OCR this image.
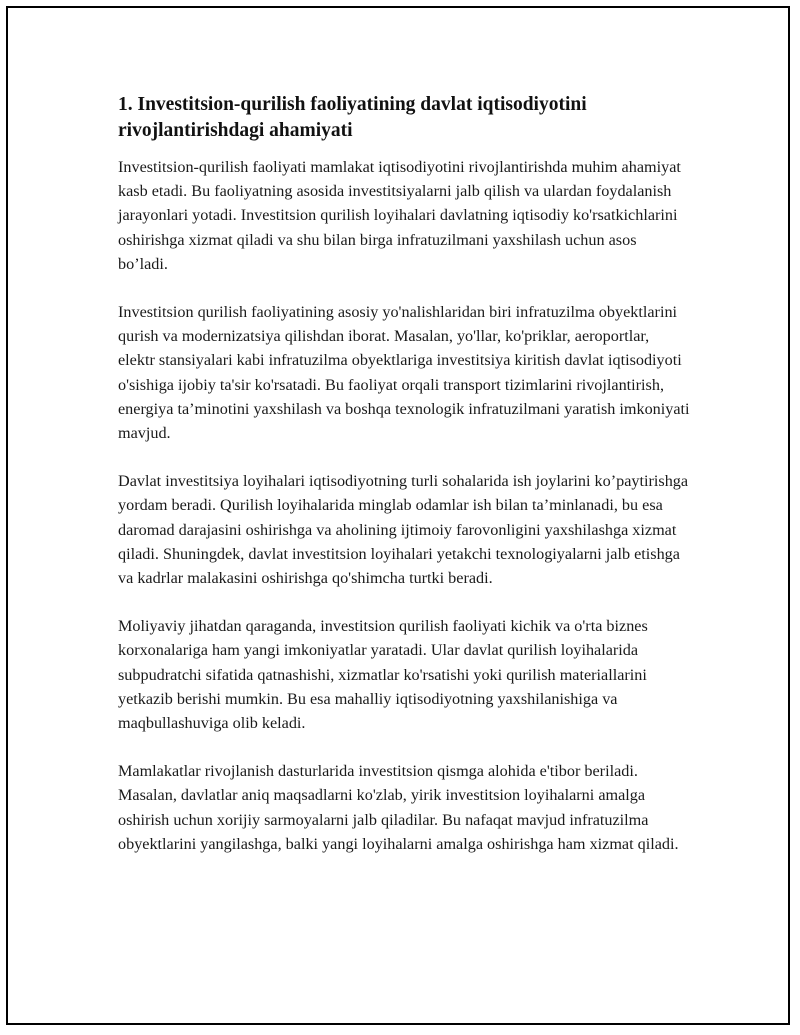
1. Investitsion-qurilish faoliyatining davlat iqtisodiyotini rivojlantirishdagi ahamiyati

Investitsion-qurilish faoliyati mamlakat iqtisodiyotini rivojlantirishda muhim ahamiyat kasb etadi. Bu faoliyatning asosida investitsiyalarni jalb qilish va ulardan foydalanish jarayonlari yotadi. Investitsion qurilish loyihalari davlatning iqtisodiy ko'rsatkichlarini oshirishga xizmat qiladi va shu bilan birga infratuzilmani yaxshilash uchun asos bo’ladi.

Investitsion qurilish faoliyatining asosiy yo'nalishlaridan biri infratuzilma obyektlarini qurish va modernizatsiya qilishdan iborat. Masalan, yo'llar, ko'priklar, aeroportlar, elektr stansiyalari kabi infratuzilma obyektlariga investitsiya kiritish davlat iqtisodiyoti o'sishiga ijobiy ta'sir ko'rsatadi. Bu faoliyat orqali transport tizimlarini rivojlantirish, energiya ta’minotini yaxshilash va boshqa texnologik infratuzilmani yaratish imkoniyati mavjud.

Davlat investitsiya loyihalari iqtisodiyotning turli sohalarida ish joylarini ko’paytirishga yordam beradi. Qurilish loyihalarida minglab odamlar ish bilan ta’minlanadi, bu esa daromad darajasini oshirishga va aholining ijtimoiy farovonligini yaxshilashga xizmat qiladi. Shuningdek, davlat investitsion loyihalari yetakchi texnologiyalarni jalb etishga va kadrlar malakasini oshirishga qo'shimcha turtki beradi.

Moliyaviy jihatdan qaraganda, investitsion qurilish faoliyati kichik va o'rta biznes korxonalariga ham yangi imkoniyatlar yaratadi. Ular davlat qurilish loyihalarida subpudratchi sifatida qatnashishi, xizmatlar ko'rsatishi yoki qurilish materiallarini yetkazib berishi mumkin. Bu esa mahalliy iqtisodiyotning yaxshilanishiga va maqbullashuviga olib keladi.

Mamlakatlar rivojlanish dasturlarida investitsion qismga alohida e'tibor beriladi. Masalan, davlatlar aniq maqsadlarni ko'zlab, yirik investitsion loyihalarni amalga oshirish uchun xorijiy sarmoyalarni jalb qiladilar. Bu nafaqat mavjud infratuzilma obyektlarini yangilashga, balki yangi loyihalarni amalga oshirishga ham xizmat qiladi.
